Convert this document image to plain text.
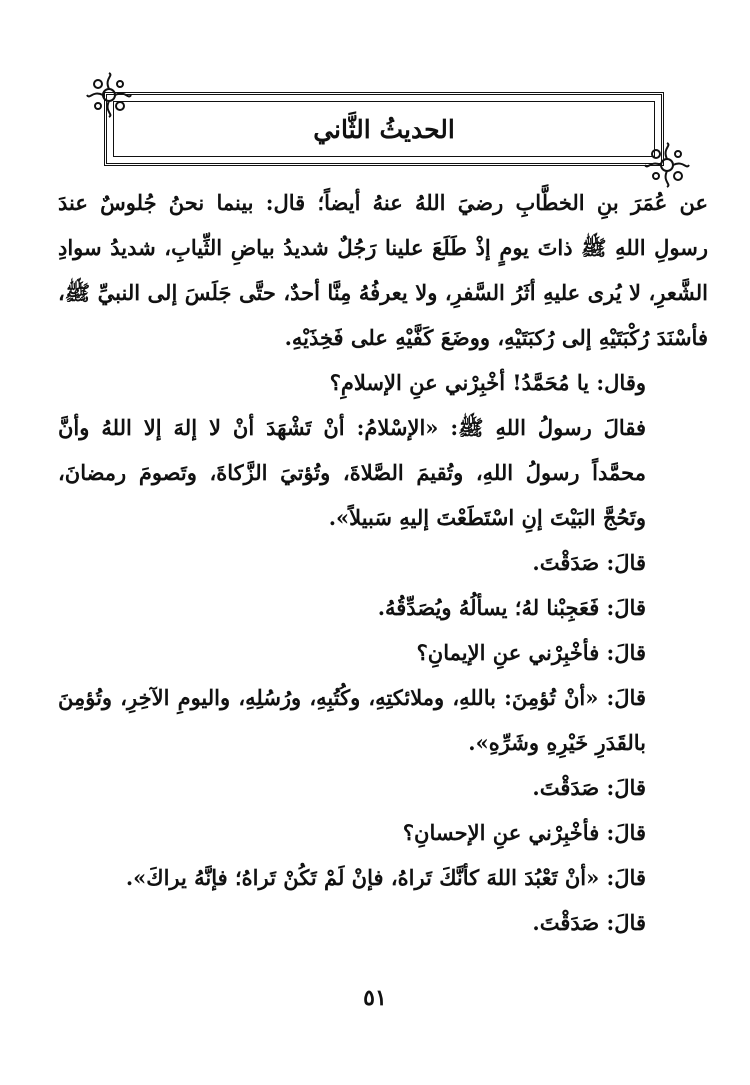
الحديثُ الثَّاني

عن عُمَرَ بنِ الخطَّابِ رضيَ اللهُ عنهُ أيضاً؛ قال: بينما نحنُ جُلوسٌ عندَ رسولِ اللهِ ﷺ ذاتَ يومٍ إذْ طَلَعَ علينا رَجُلٌ شديدُ بياضِ الثِّيابِ، شديدُ سوادِ الشَّعرِ، لا يُرى عليهِ أثَرُ السَّفرِ، ولا يعرفُهُ مِنَّا أحدٌ، حتَّى جَلَسَ إلى النبيِّ ﷺ، فأسْنَدَ رُكْبَتَيْهِ إلى رُكبَتَيْهِ، ووضَعَ كَفَّيْهِ على فَخِذَيْهِ.

وقال: يا مُحَمَّدُ! أخْبِرْني عنِ الإسلامِ؟

فقالَ رسولُ اللهِ ﷺ: «الإسْلامُ: أنْ تَشْهَدَ أنْ لا إلهَ إلا اللهُ وأنَّ محمَّداً رسولُ اللهِ، وتُقيمَ الصَّلاةَ، وتُؤتيَ الزَّكاةَ، وتَصومَ رمضانَ، وتَحُجَّ البَيْتَ إنِ اسْتَطَعْتَ إليهِ سَبيلاً».

قالَ: صَدَقْتَ.

قالَ: فَعَجِبْنا لهُ؛ يسألُهُ ويُصَدِّقُهُ.

قالَ: فأخْبِرْني عنِ الإيمانِ؟

قالَ: «أنْ تُؤمِنَ: باللهِ، وملائكتِهِ، وكُتُبِهِ، ورُسُلِهِ، واليومِ الآخِرِ، وتُؤمِنَ بالقَدَرِ خَيْرِهِ وشَرِّهِ».

قالَ: صَدَقْتَ.

قالَ: فأخْبِرْني عنِ الإحسانِ؟

قالَ: «أنْ تَعْبُدَ اللهَ كأنَّكَ تَراهُ، فإنْ لَمْ تَكُنْ تَراهُ؛ فإنَّهُ يراكَ».

قالَ: صَدَقْتَ.

٥١
